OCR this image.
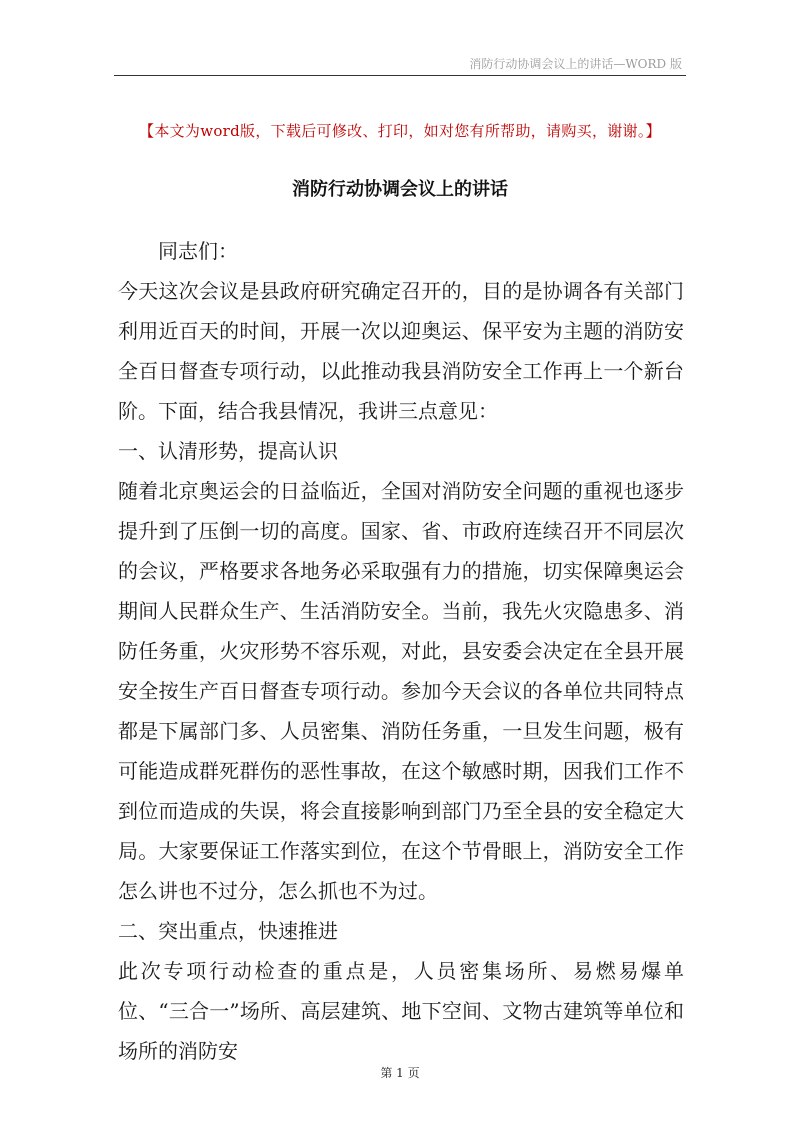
消防行动协调会议上的讲话—WORD 版
【本文为word版，下载后可修改、打印，如对您有所帮助，请购买，谢谢。】
消防行动协调会议上的讲话

同志们：

今天这次会议是县政府研究确定召开的，目的是协调各有关部门利用近百天的时间，开展一次以迎奥运、保平安为主题的消防安全百日督查专项行动，以此推动我县消防安全工作再上一个新台阶。下面，结合我县情况，我讲三点意见：

一、认清形势，提高认识

随着北京奥运会的日益临近，全国对消防安全问题的重视也逐步提升到了压倒一切的高度。国家、省、市政府连续召开不同层次的会议，严格要求各地务必采取强有力的措施，切实保障奥运会期间人民群众生产、生活消防安全。当前，我先火灾隐患多、消防任务重，火灾形势不容乐观，对此，县安委会决定在全县开展安全按生产百日督查专项行动。参加今天会议的各单位共同特点都是下属部门多、人员密集、消防任务重，一旦发生问题，极有可能造成群死群伤的恶性事故，在这个敏感时期，因我们工作不到位而造成的失误，将会直接影响到部门乃至全县的安全稳定大局。大家要保证工作落实到位，在这个节骨眼上，消防安全工作怎么讲也不过分，怎么抓也不为过。

二、突出重点，快速推进

此次专项行动检查的重点是，人员密集场所、易燃易爆单位、“三合一”场所、高层建筑、地下空间、文物古建筑等单位和场所的消防安

第 1 页
